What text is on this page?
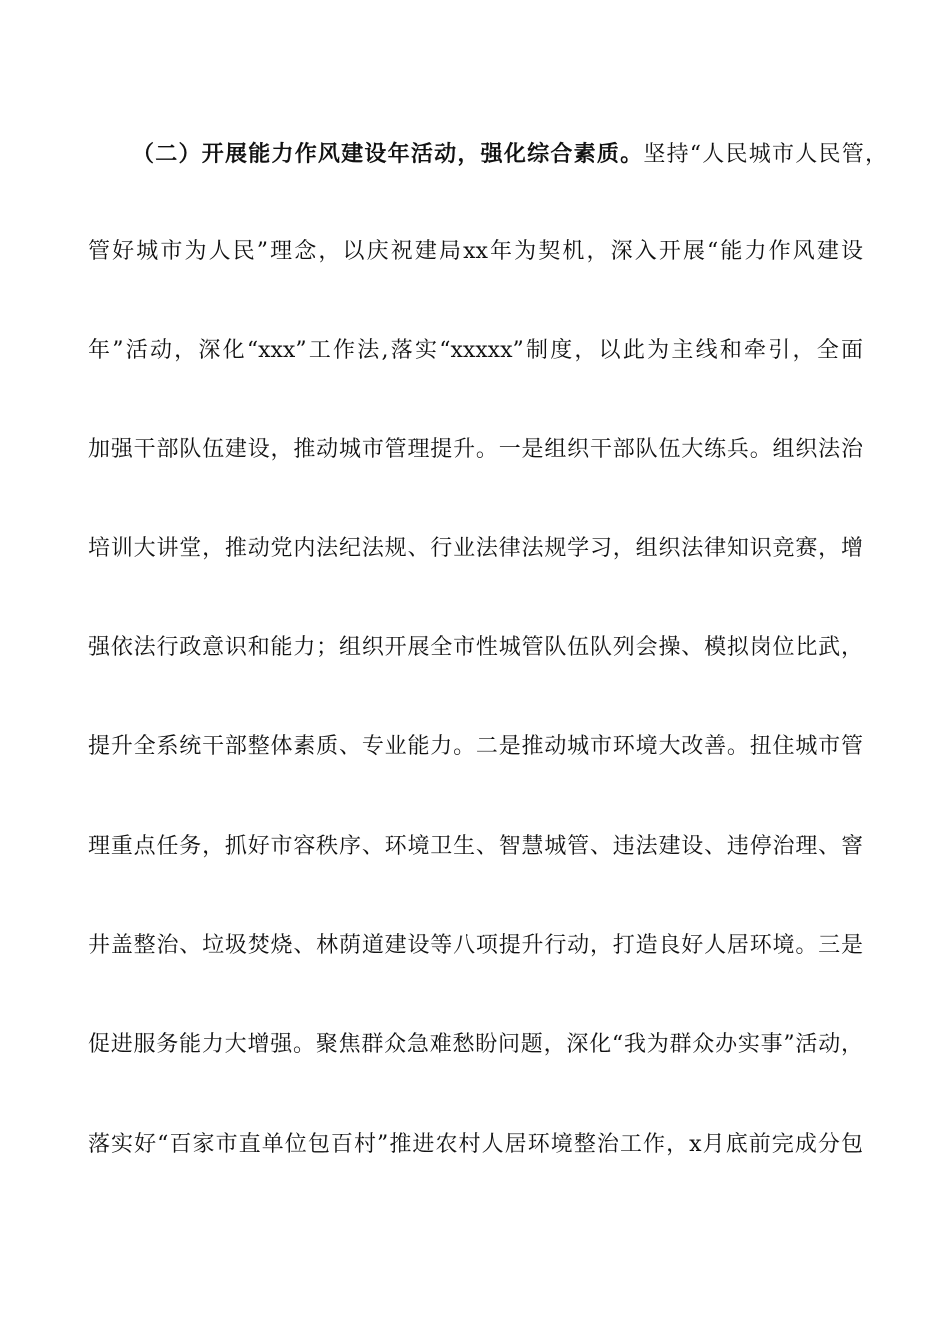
（二）开展能力作风建设年活动，强化综合素质。坚持“人民城市人民管，
管好城市为人民”理念，以庆祝建局xx年为契机，深入开展“能力作风建设
年”活动，深化“xxx”工作法,落实“xxxxx”制度，以此为主线和牵引，全面
加强干部队伍建设，推动城市管理提升。一是组织干部队伍大练兵。组织法治
培训大讲堂，推动党内法纪法规、行业法律法规学习，组织法律知识竞赛，增
强依法行政意识和能力；组织开展全市性城管队伍队列会操、模拟岗位比武，
提升全系统干部整体素质、专业能力。二是推动城市环境大改善。扭住城市管
理重点任务，抓好市容秩序、环境卫生、智慧城管、违法建设、违停治理、窨
井盖整治、垃圾焚烧、林荫道建设等八项提升行动，打造良好人居环境。三是
促进服务能力大增强。聚焦群众急难愁盼问题，深化“我为群众办实事”活动，
落实好“百家市直单位包百村”推进农村人居环境整治工作，x月底前完成分包
